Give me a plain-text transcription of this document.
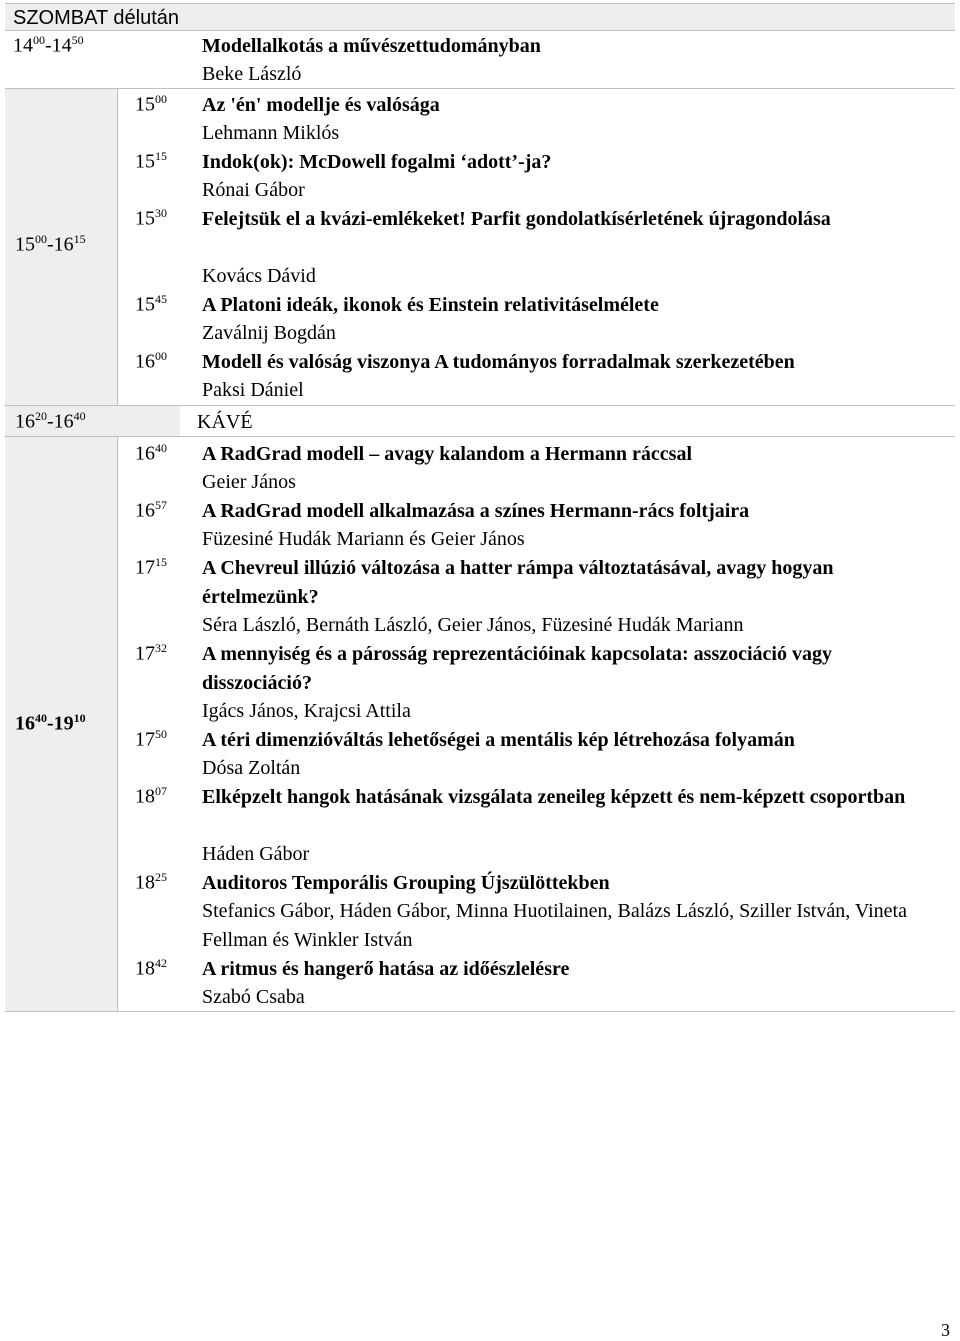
SZOMBAT délután
$14^{00}-14^{50}$	Modellalkotás a művészettudományban
Beke László
$15^{00}-16^{15}$
$15^{00}$ Az 'én' modellje és valósága
Lehmann Miklós
$15^{15}$ Indok(ok): McDowell fogalmi ‘adott’-ja?
Rónai Gábor
$15^{30}$ Felejtsük el a kvázi-emlékeket! Parfit gondolatkísérletének újragondolása
Kovács Dávid
$15^{45}$ A Platoni ideák, ikonok és Einstein relativitáselmélete
Zaválnij Bogdán
$16^{00}$ Modell és valóság viszonya A tudományos forradalmak szerkezetében
Paksi Dániel
$16^{20}-16^{40}$	KÁVÉ
$16^{40}-19^{10}$
$16^{40}$ A RadGrad modell – avagy kalandom a Hermann ráccsal
Geier János
$16^{57}$ A RadGrad modell alkalmazása a színes Hermann-rács foltjaira
Füzesiné Hudák Mariann és Geier János
$17^{15}$ A Chevreul illúzió változása a hatter rámpa változtatásával, avagy hogyan értelmezünk?
Séra László, Bernáth László, Geier János, Füzesiné Hudák Mariann
$17^{32}$ A mennyiség és a párosság reprezentációinak kapcsolata: asszociáció vagy disszociáció?
Igács János, Krajcsi Attila
$17^{50}$ A téri dimenzióváltás lehetőségei a mentális kép létrehozása folyamán
Dósa Zoltán
$18^{07}$ Elképzelt hangok hatásának vizsgálata zeneileg képzett és nem-képzett csoportban
Háden Gábor
$18^{25}$ Auditoros Temporális Grouping Újszülöttekben
Stefanics Gábor, Háden Gábor, Minna Huotilainen, Balázs László, Sziller István, Vineta Fellman és Winkler István
$18^{42}$ A ritmus és hangerő hatása az időészlelésre
Szabó Csaba
3
